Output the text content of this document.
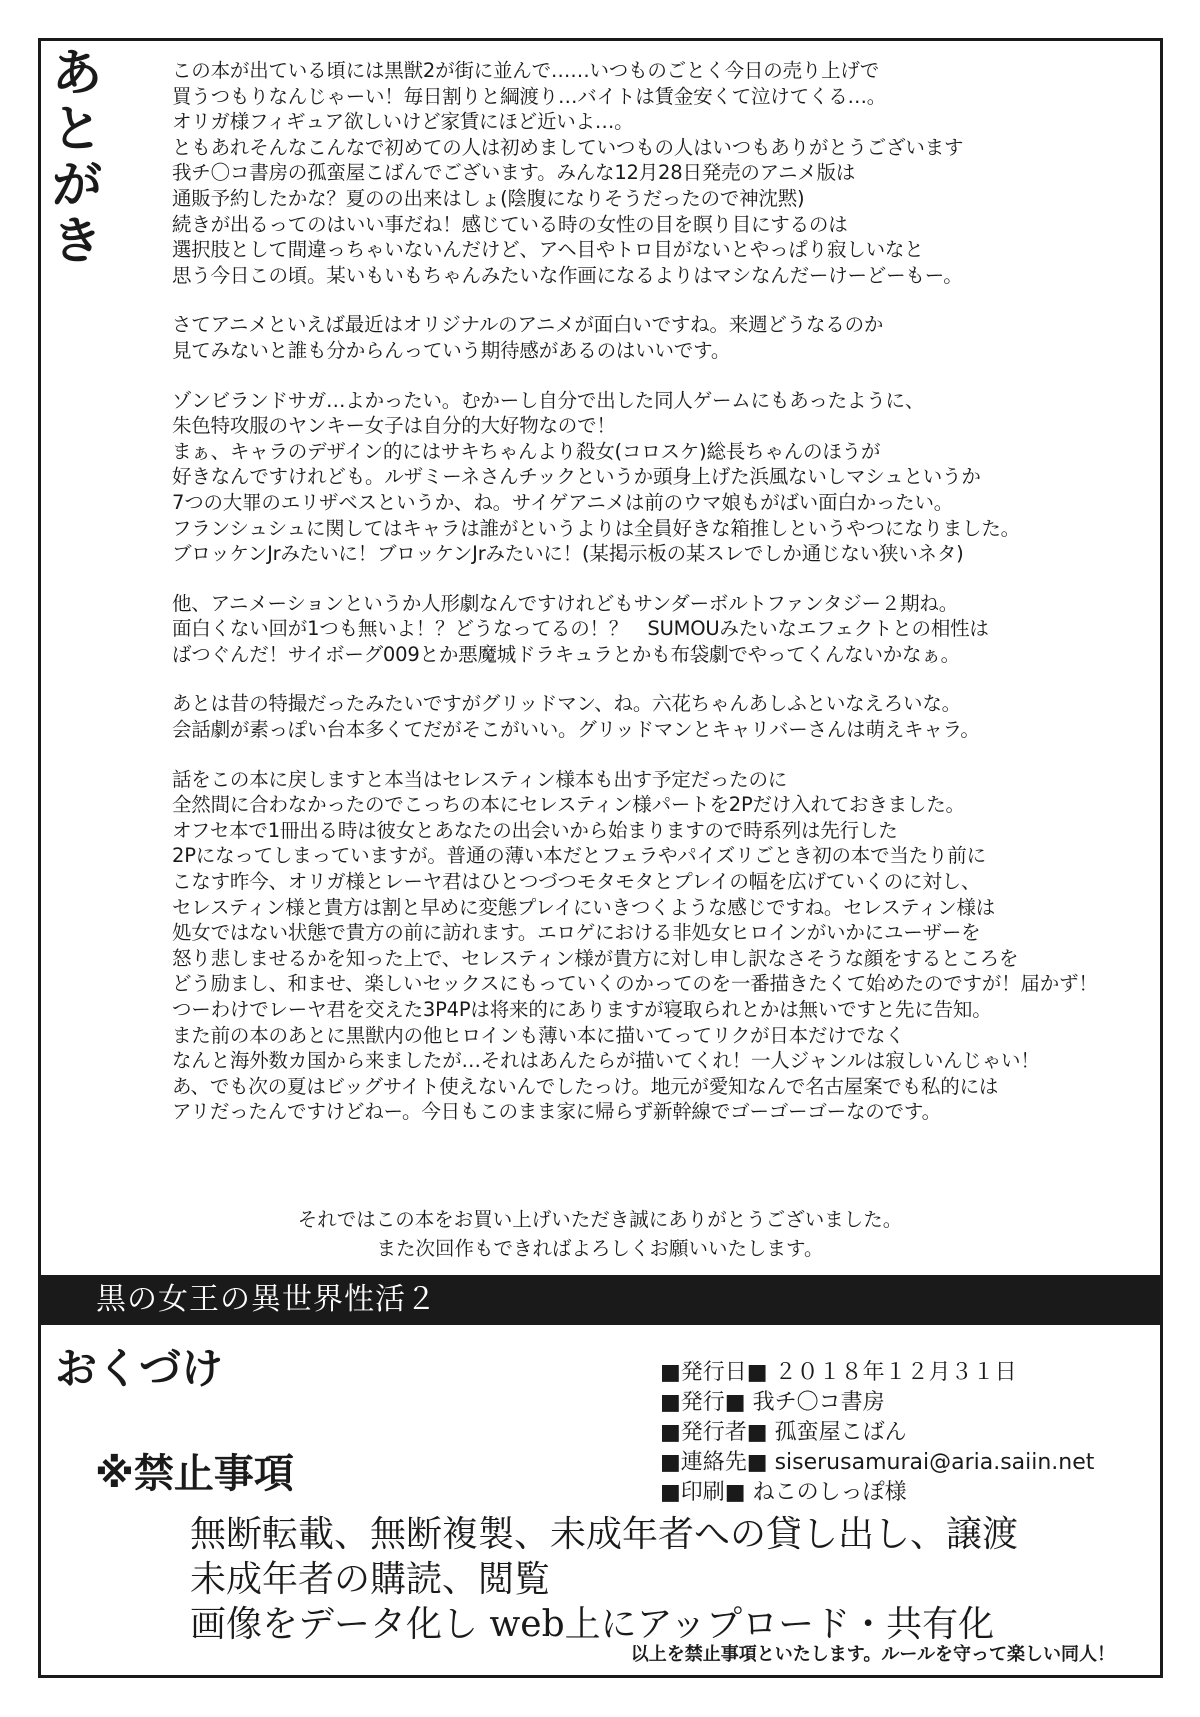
あ
と
が
き

この本が出ている頃には黒獣2が街に並んで……いつものごとく今日の売り上げで
買うつもりなんじゃーい！毎日割りと綱渡り…バイトは賃金安くて泣けてくる…。
オリガ様フィギュア欲しいけど家賃にほど近いよ…。
ともあれそんなこんなで初めての人は初めましていつもの人はいつもありがとうございます
我チ〇コ書房の孤蛮屋こばんでございます。みんな12月28日発売のアニメ版は
通販予約したかな？夏のの出来はしょ(陰腹になりそうだったので神沈黙)
続きが出るってのはいい事だね！感じている時の女性の目を瞑り目にするのは
選択肢として間違っちゃいないんだけど、アヘ目やトロ目がないとやっぱり寂しいなと
思う今日この頃。某いもいもちゃんみたいな作画になるよりはマシなんだーけーどーもー。

さてアニメといえば最近はオリジナルのアニメが面白いですね。来週どうなるのか
見てみないと誰も分からんっていう期待感があるのはいいです。

ゾンビランドサガ…よかったい。むかーし自分で出した同人ゲームにもあったように、
朱色特攻服のヤンキー女子は自分的大好物なので！
まぁ、キャラのデザイン的にはサキちゃんより殺女(コロスケ)総長ちゃんのほうが
好きなんですけれども。ルザミーネさんチックというか頭身上げた浜風ないしマシュというか
7つの大罪のエリザベスというか、ね。サイゲアニメは前のウマ娘もがばい面白かったい。
フランシュシュに関してはキャラは誰がというよりは全員好きな箱推しというやつになりました。
ブロッケンJrみたいに！ブロッケンJrみたいに！(某掲示板の某スレでしか通じない狭いネタ)

他、アニメーションというか人形劇なんですけれどもサンダーボルトファンタジー２期ね。
面白くない回が1つも無いよ！？どうなってるの！？　SUMOUみたいなエフェクトとの相性は
ばつぐんだ！サイボーグ009とか悪魔城ドラキュラとかも布袋劇でやってくんないかなぁ。

あとは昔の特撮だったみたいですがグリッドマン、ね。六花ちゃんあしふといなえろいな。
会話劇が素っぽい台本多くてだがそこがいい。グリッドマンとキャリバーさんは萌えキャラ。

話をこの本に戻しますと本当はセレスティン様本も出す予定だったのに
全然間に合わなかったのでこっちの本にセレスティン様パートを2Pだけ入れておきました。
オフセ本で1冊出る時は彼女とあなたの出会いから始まりますので時系列は先行した
2Pになってしまっていますが。普通の薄い本だとフェラやパイズリごとき初の本で当たり前に
こなす昨今、オリガ様とレーヤ君はひとつづつモタモタとプレイの幅を広げていくのに対し、
セレスティン様と貴方は割と早めに変態プレイにいきつくような感じですね。セレスティン様は
処女ではない状態で貴方の前に訪れます。エロゲにおける非処女ヒロインがいかにユーザーを
怒り悲しませるかを知った上で、セレスティン様が貴方に対し申し訳なさそうな顔をするところを
どう励まし、和ませ、楽しいセックスにもっていくのかってのを一番描きたくて始めたのですが！届かず！
つーわけでレーヤ君を交えた3P4Pは将来的にありますが寝取られとかは無いですと先に告知。
また前の本のあとに黒獣内の他ヒロインも薄い本に描いてってリクが日本だけでなく
なんと海外数カ国から来ましたが…それはあんたらが描いてくれ！一人ジャンルは寂しいんじゃい！
あ、でも次の夏はビッグサイト使えないんでしたっけ。地元が愛知なんで名古屋案でも私的には
アリだったんですけどねー。今日もこのまま家に帰らず新幹線でゴーゴーゴーなのです。

それではこの本をお買い上げいただき誠にありがとうございました。
また次回作もできればよろしくお願いいたします。
黒の女王の異世界性活２
おくづけ	■発行日■ ２０１８年１２月３１日
■発行■ 我チ〇コ書房
■発行者■ 孤蛮屋こばん
■連絡先■ siserusamurai@aria.saiin.net
■印刷■ ねこのしっぽ様
※禁止事項
無断転載、無断複製、未成年者への貸し出し、譲渡
未成年者の購読、閲覧
画像をデータ化し web上にアップロード・共有化
以上を禁止事項といたします。ルールを守って楽しい同人！
